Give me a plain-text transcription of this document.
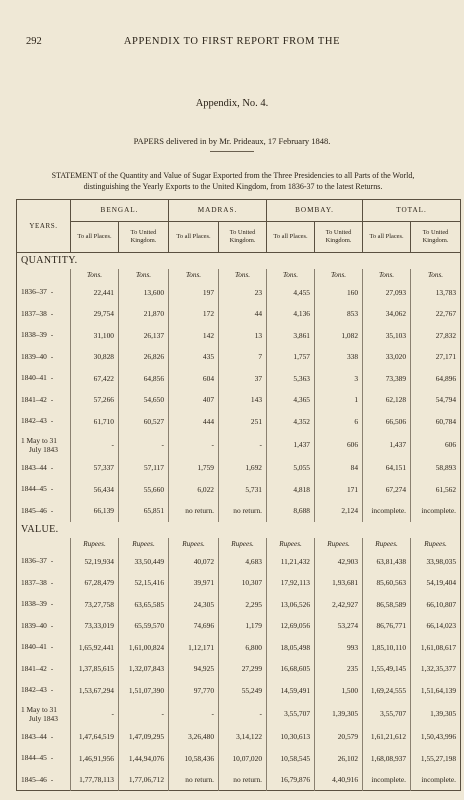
292	APPENDIX TO FIRST REPORT FROM THE
Appendix, No. 4.
PAPERS delivered in by Mr. Prideaux, 17 February 1848.
STATEMENT of the Quantity and Value of Sugar Exported from the Three Presidencies to all Parts of the World,
distinguishing the Yearly Exports to the United Kingdom, from 1836-37 to the latest Returns.
YEARS.	BENGAL.		MADRAS.		BOMBAY.		TOTAL.	
	To all Places.	To United Kingdom.	To all Places.	To United Kingdom.	To all Places.	To United Kingdom.	To all Places.	To United Kingdom.
QUANTITY.								
	Tons.	Tons.	Tons.	Tons.	Tons.	Tons.	Tons.	Tons.
1836–37 -	22,441	13,600	197	23	4,455	160	27,093	13,783
1837–38 -	29,754	21,870	172	44	4,136	853	34,062	22,767
1838–39 -	31,100	26,137	142	13	3,861	1,082	35,103	27,832
1839–40 -	30,828	26,826	435	7	1,757	338	33,020	27,171
1840–41 -	67,422	64,856	604	37	5,363	3	73,389	64,896
1841–42 -	57,266	54,650	407	143	4,365	1	62,128	54,794
1842–43 -	61,710	60,527	444	251	4,352	6	66,506	60,784

1 May to 31
July 1843	-	-	-	-	1,437	606	1,437	606
1843–44 -	57,337	57,117	1,759	1,692	5,055	84	64,151	58,893
1844–45 -	56,434	55,660	6,022	5,731	4,818	171	67,274	61,562
1845–46 -	66,139	65,851	no return.	no return.	8,688	2,124	incomplete.	incomplete.
VALUE.								
	Rupees.	Rupees.	Rupees.	Rupees.	Rupees.	Rupees.	Rupees.	Rupees.
1836–37 -	52,19,934	33,50,449	40,072	4,683	11,21,432	42,903	63,81,438	33,98,035
1837–38 -	67,28,479	52,15,416	39,971	10,307	17,92,113	1,93,681	85,60,563	54,19,404
1838–39 -	73,27,758	63,65,585	24,305	2,295	13,06,526	2,42,927	86,58,589	66,10,807
1839–40 -	73,33,019	65,59,570	74,696	1,179	12,69,056	53,274	86,76,771	66,14,023
1840–41 -	1,65,92,441	1,61,00,824	1,12,171	6,800	18,05,498	993	1,85,10,110	1,61,08,617
1841–42 -	1,37,85,615	1,32,07,843	94,925	27,299	16,68,605	235	1,55,49,145	1,32,35,377
1842–43 -	1,53,67,294	1,51,07,390	97,770	55,249	14,59,491	1,500	1,69,24,555	1,51,64,139

1 May to 31
July 1843	-	-	-	-	3,55,707	1,39,305	3,55,707	1,39,305
1843–44 -	1,47,64,519	1,47,09,295	3,26,480	3,14,122	10,30,613	20,579	1,61,21,612	1,50,43,996
1844–45 -	1,46,91,956	1,44,94,076	10,58,436	10,07,020	10,58,545	26,102	1,68,08,937	1,55,27,198
1845–46 -	1,77,78,113	1,77,06,712	no return.	no return.	16,79,876	4,40,916	incomplete.	incomplete.
